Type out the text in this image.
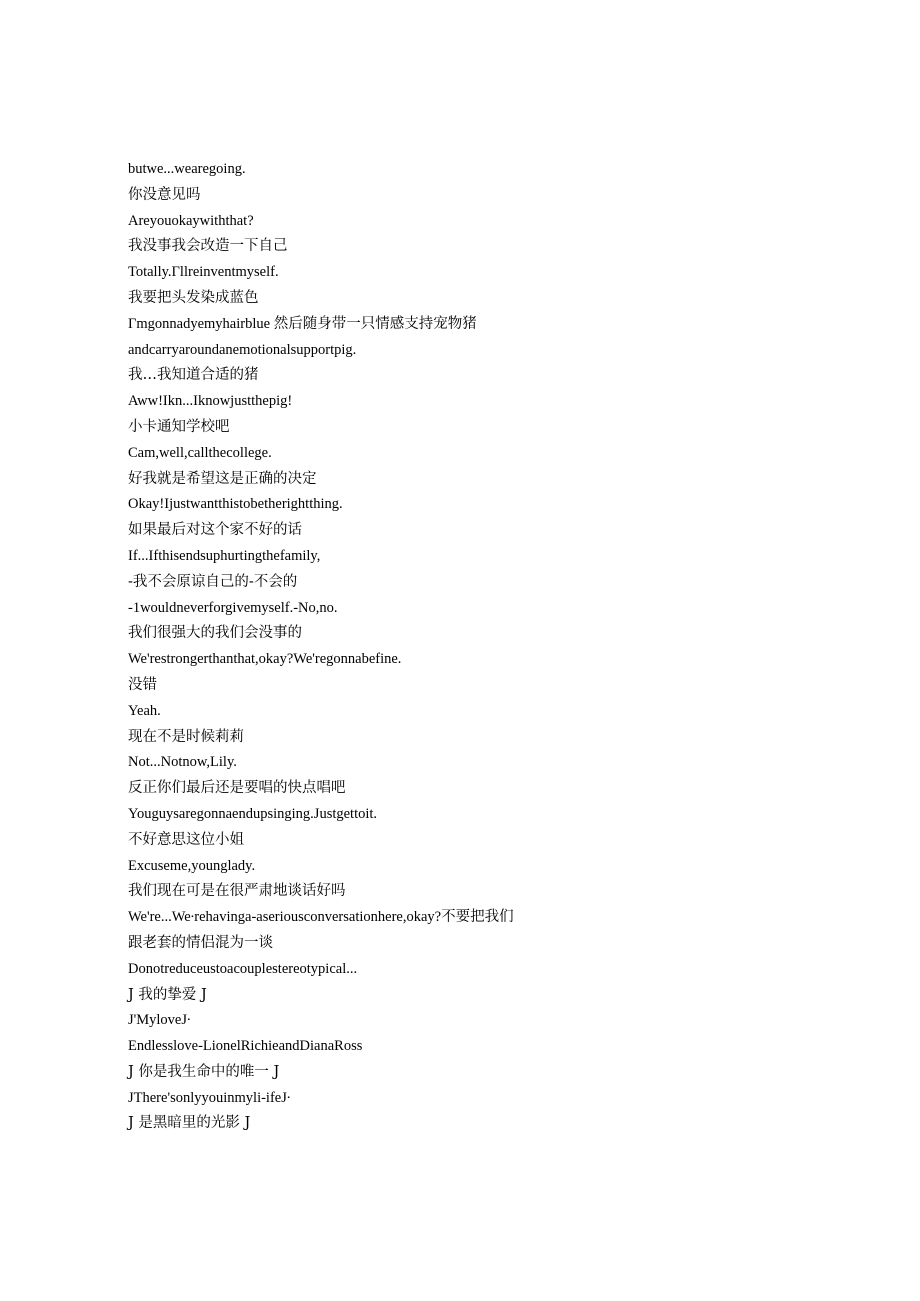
butwe...wearegoing.

你没意见吗

Areyouokaywiththat?

我没事我会改造一下自己

Totally.Γllreinventmyself.

我要把头发染成蓝色

Γmgonnadyemyhairblue 然后随身带一只情感支持宠物猪

andcarryaroundanemotionalsupportpig.

我…我知道合适的猪

Aww!Ikn...Iknowjustthepig!

小卡通知学校吧

Cam,well,callthecollege.

好我就是希望这是正确的决定

Okay!Ijustwantthistobetherightthing.

如果最后对这个家不好的话

If...Ifthisendsuphurtingthefamily,

-我不会原谅自己的-不会的

-1wouldneverforgivemyself.-No,no.

我们很强大的我们会没事的

We'restrongerthanthat,okay?We'regonnabefine.

没错

Yeah.

现在不是时候莉莉

Not...Notnow,Lily.

反正你们最后还是要唱的快点唱吧

Youguysaregonnaendupsinging.Justgettoit.

不好意思这位小姐

Excuseme,younglady.

我们现在可是在很严肃地谈话好吗

We're...We∙rehavinga-aseriousconversationhere,okay?不要把我们

跟老套的情侣混为一谈

Donotreduceustoacouplestereotypical...

J 我的挚爱 J

J'MyloveJ∙

Endlesslove-LionelRichieandDianaRoss

J 你是我生命中的唯一 J

JThere'sonlyyouinmyli-ifeJ∙

J 是黑暗里的光影 J
